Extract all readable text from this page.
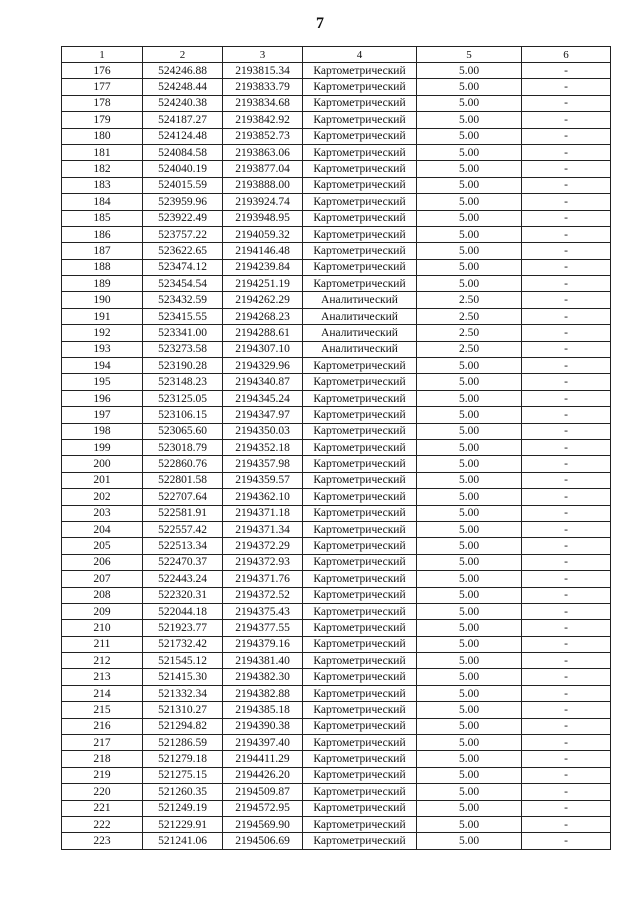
7
1	2	3	4	5	6
176	524246.88	2193815.34	Картометрический	5.00	-
177	524248.44	2193833.79	Картометрический	5.00	-
178	524240.38	2193834.68	Картометрический	5.00	-
179	524187.27	2193842.92	Картометрический	5.00	-
180	524124.48	2193852.73	Картометрический	5.00	-
181	524084.58	2193863.06	Картометрический	5.00	-
182	524040.19	2193877.04	Картометрический	5.00	-
183	524015.59	2193888.00	Картометрический	5.00	-
184	523959.96	2193924.74	Картометрический	5.00	-
185	523922.49	2193948.95	Картометрический	5.00	-
186	523757.22	2194059.32	Картометрический	5.00	-
187	523622.65	2194146.48	Картометрический	5.00	-
188	523474.12	2194239.84	Картометрический	5.00	-
189	523454.54	2194251.19	Картометрический	5.00	-
190	523432.59	2194262.29	Аналитический	2.50	-
191	523415.55	2194268.23	Аналитический	2.50	-
192	523341.00	2194288.61	Аналитический	2.50	-
193	523273.58	2194307.10	Аналитический	2.50	-
194	523190.28	2194329.96	Картометрический	5.00	-
195	523148.23	2194340.87	Картометрический	5.00	-
196	523125.05	2194345.24	Картометрический	5.00	-
197	523106.15	2194347.97	Картометрический	5.00	-
198	523065.60	2194350.03	Картометрический	5.00	-
199	523018.79	2194352.18	Картометрический	5.00	-
200	522860.76	2194357.98	Картометрический	5.00	-
201	522801.58	2194359.57	Картометрический	5.00	-
202	522707.64	2194362.10	Картометрический	5.00	-
203	522581.91	2194371.18	Картометрический	5.00	-
204	522557.42	2194371.34	Картометрический	5.00	-
205	522513.34	2194372.29	Картометрический	5.00	-
206	522470.37	2194372.93	Картометрический	5.00	-
207	522443.24	2194371.76	Картометрический	5.00	-
208	522320.31	2194372.52	Картометрический	5.00	-
209	522044.18	2194375.43	Картометрический	5.00	-
210	521923.77	2194377.55	Картометрический	5.00	-
211	521732.42	2194379.16	Картометрический	5.00	-
212	521545.12	2194381.40	Картометрический	5.00	-
213	521415.30	2194382.30	Картометрический	5.00	-
214	521332.34	2194382.88	Картометрический	5.00	-
215	521310.27	2194385.18	Картометрический	5.00	-
216	521294.82	2194390.38	Картометрический	5.00	-
217	521286.59	2194397.40	Картометрический	5.00	-
218	521279.18	2194411.29	Картометрический	5.00	-
219	521275.15	2194426.20	Картометрический	5.00	-
220	521260.35	2194509.87	Картометрический	5.00	-
221	521249.19	2194572.95	Картометрический	5.00	-
222	521229.91	2194569.90	Картометрический	5.00	-
223	521241.06	2194506.69	Картометрический	5.00	-
